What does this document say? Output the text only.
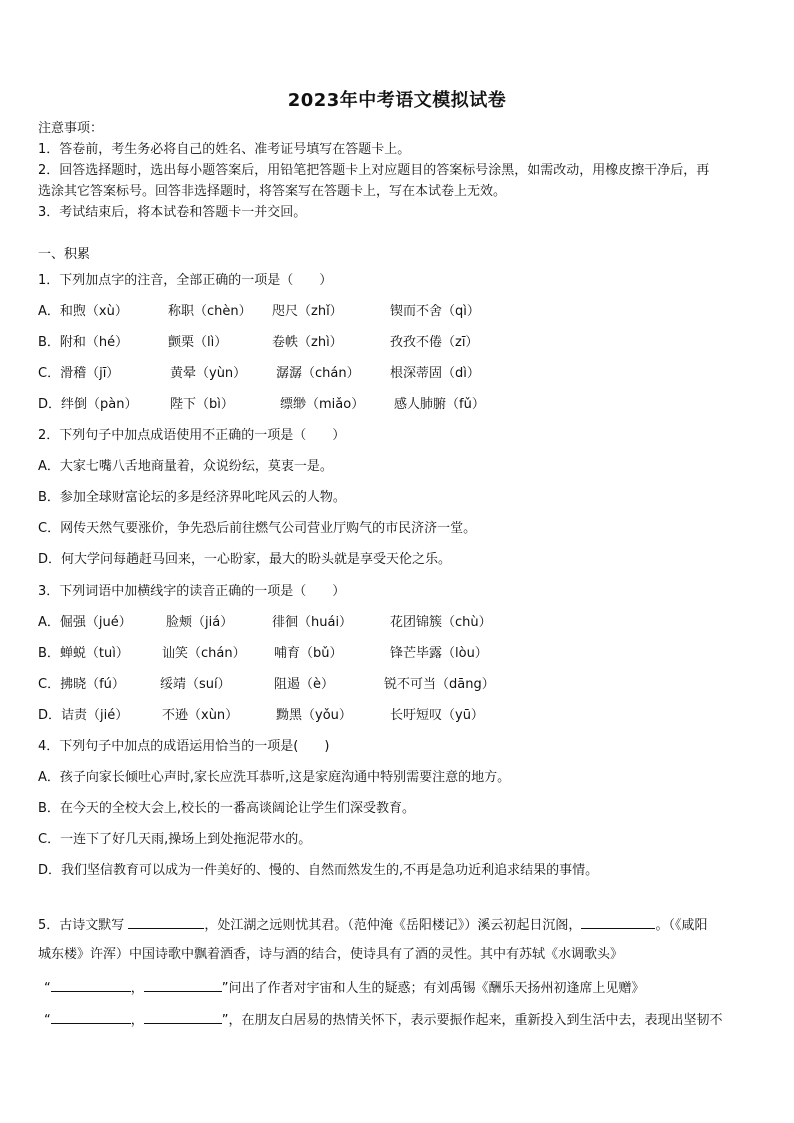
2023年中考语文模拟试卷
注意事项：
1．答卷前，考生务必将自己的姓名、准考证号填写在答题卡上。
2．回答选择题时，选出每小题答案后，用铅笔把答题卡上对应题目的答案标号涂黑，如需改动，用橡皮擦干净后，再
选涂其它答案标号。回答非选择题时，将答案写在答题卡上，写在本试卷上无效。
3．考试结束后，将本试卷和答题卡一并交回。
一、积累
1．下列加点字的注音，全部正确的一项是（　　）
A．和煦（xù）	称职（chèn） 咫尺（zhǐ）	锲而不舍（qì）
B．附和（hé）	颤栗（lì）	卷帙（zhì）	孜孜不倦（zī）
C．滑稽（jī）	黄晕（yùn） 潺潺（chán） 根深蒂固（dì）
D．绊倒（pàn）	陛下（bì）	缥缈（miǎo） 感人肺腑（fǔ）
2．下列句子中加点成语使用不正确的一项是（　　）
A．大家七嘴八舌地商量着，众说纷纭，莫衷一是。
B．参加全球财富论坛的多是经济界叱咤风云的人物。
C．网传天然气要涨价，争先恐后前往燃气公司营业厅购气的市民济济一堂。
D．何大学问每趟赶马回来，一心盼家，最大的盼头就是享受天伦之乐。
3．下列词语中加横线字的读音正确的一项是（　　）
A．倔强（jué）	脸颊（jiá）	徘徊（huái）	花团锦簇（chù）
B．蝉蜕（tuì）	讪笑（chán） 哺育（bǔ）	锋芒毕露（lòu）
C．拂晓（fú）	绥靖（suí）	阻遏（è）	锐不可当（dāng）
D．诘责（jié）	不逊（xùn）	黝黑（yǒu）	长吁短叹（yū）
4．下列句子中加点的成语运用恰当的一项是(　　)
A．孩子向家长倾吐心声时,家长应洗耳恭听,这是家庭沟通中特别需要注意的地方。
B．在今天的全校大会上,校长的一番高谈阔论让学生们深受教育。
C．一连下了好几天雨,操场上到处拖泥带水的。
D．我们坚信教育可以成为一件美好的、慢的、自然而然发生的,不再是急功近利追求结果的事情。
5．古诗文默写	，处江湖之远则忧其君。（范仲淹《岳阳楼记》）溪云初起日沉阁，	。（《咸阳
城东楼》许浑）中国诗歌中飘着酒香，诗与酒的结合，使诗具有了酒的灵性。其中有苏轼《水调歌头》
“	，	”问出了作者对宇宙和人生的疑惑；有刘禹锡《酬乐天扬州初逢席上见赠》
“	，	”，在朋友白居易的热情关怀下，表示要振作起来，重新投入到生活中去，表现出坚韧不
